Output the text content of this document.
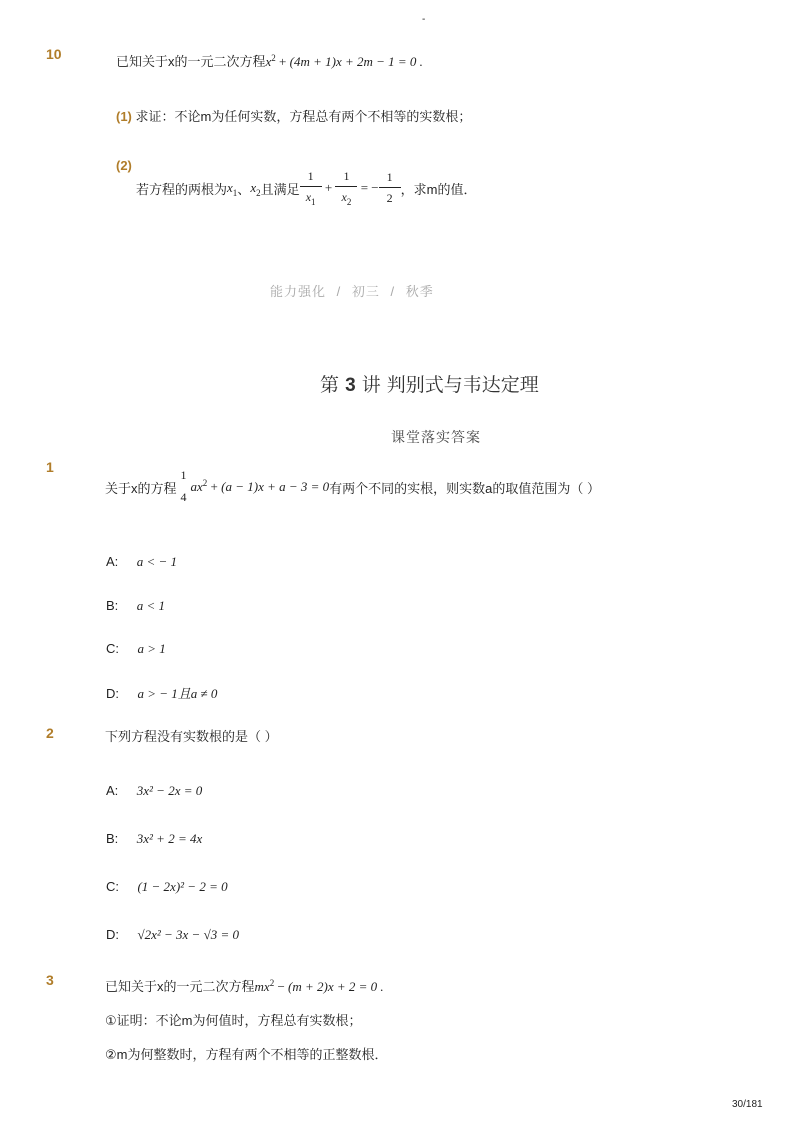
-
10	已知关于x的一元二次方程$x^2 + (4m + 1)x + 2m - 1 = 0$ .
(1) 求证：不论m为任何实数，方程总有两个不相等的实数根；
(2)
若方程的两根为 $x_1$ 、 $x_2$ 且满足 $\frac{1}{x_1} + \frac{1}{x_2}$ = − $\frac{1}{2}$ ，求m的值．
能力强化 / 初三 / 秋季
第 3 讲 判别式与韦达定理
课堂落实答案
1
关于x的方程
1
4
$ax^2 + (a - 1)x + a - 3 = 0$ 有两个不同的实根，则实数a的取值范围为（ ）
A: a < − 1
B: a < 1
C: a > 1
D: a > − 1且a ≠ 0
2	下列方程没有实数根的是（ ）
A: 3x² − 2x = 0
B: 3x² + 2 = 4x
C: (1 − 2x)² − 2 = 0
D: √2x² − 3x − √3 = 0
3	已知关于x的一元二次方程$mx^2 - (m + 2)x + 2 = 0$ .
①证明：不论m为何值时，方程总有实数根；
②m为何整数时，方程有两个不相等的正整数根．
30/181
